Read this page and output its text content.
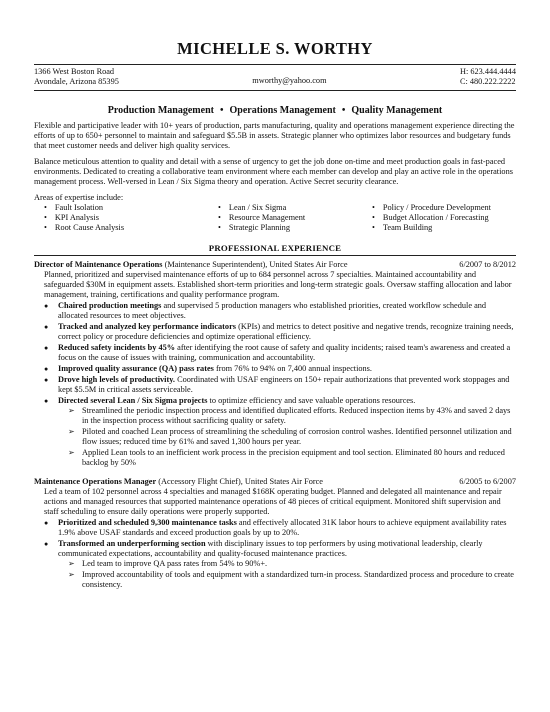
MICHELLE S. WORTHY
1366 West Boston Road
Avondale, Arizona 85395	mworthy@yahoo.com
H: 623.444.4444
C: 480.222.2222
Production Management • Operations Management • Quality Management

Flexible and participative leader with 10+ years of production, parts manufacturing, quality and operations management experience directing the efforts of up to 650+ personnel to maintain and safeguard $5.5B in assets. Strategic planner who optimizes labor resources and budgetary funds that meet customer needs and deliver high quality services.

Balance meticulous attention to quality and detail with a sense of urgency to get the job done on-time and meet production goals in fast-paced environments. Dedicated to creating a collaborative team environment where each member can develop and play an active role in the operations management process. Well-versed in Lean / Six Sigma theory and operation. Active Secret security clearance.

Areas of expertise include:
• Fault Isolation	• Lean / Six Sigma	• Policy / Procedure Development
• KPI Analysis	• Resource Management	• Budget Allocation / Forecasting
• Root Cause Analysis	• Strategic Planning	• Team Building
PROFESSIONAL EXPERIENCE
Director of Maintenance Operations (Maintenance Superintendent), United States Air Force	6/2007 to 8/2012
Planned, prioritized and supervised maintenance efforts of up to 684 personnel across 7 specialties. Maintained accountability and safeguarded $30M in equipment assets. Established short-term priorities and long-term strategic goals. Oversaw staffing allocation and labor management, training, certifications and quality performance program.
● Chaired production meetings and supervised 5 production managers who established priorities, created workflow schedule and allocated resources to meet objectives.
● Tracked and analyzed key performance indicators (KPIs) and metrics to detect positive and negative trends, recognize training needs, correct policy or procedure deficiencies and optimize operational efficiency.
● Reduced safety incidents by 45% after identifying the root cause of safety and quality incidents; raised team's awareness and created a focus on the cause of issues with training, communication and accountability.
● Improved quality assurance (QA) pass rates from 76% to 94% on 7,400 annual inspections.
● Drove high levels of productivity. Coordinated with USAF engineers on 150+ repair authorizations that prevented work stoppages and kept $5.5M in critical assets serviceable.
● Directed several Lean / Six Sigma projects to optimize efficiency and save valuable operations resources.
➢ Streamlined the periodic inspection process and identified duplicated efforts. Reduced inspection items by 43% and saved 2 days in the inspection process without sacrificing quality or safety.
➢ Piloted and coached Lean process of streamlining the scheduling of corrosion control washes. Identified personnel utilization and flow issues; reduced time by 61% and saved 1,300 hours per year.
➢ Applied Lean tools to an inefficient work process in the precision equipment and tool section. Eliminated 80 hours and reduced backlog by 50%
Maintenance Operations Manager (Accessory Flight Chief), United States Air Force	6/2005 to 6/2007
Led a team of 102 personnel across 4 specialties and managed $168K operating budget. Planned and delegated all maintenance and repair actions and managed resources that supported maintenance operations of 48 pieces of critical equipment. Monitored shift supervision and staff scheduling to ensure daily operations were properly supported.
● Prioritized and scheduled 9,300 maintenance tasks and effectively allocated 31K labor hours to achieve equipment availability rates 1.9% above USAF standards and exceed production goals by up to 20%.
● Transformed an underperforming section with disciplinary issues to top performers by using motivational leadership, clearly communicated expectations, accountability and quality-focused maintenance practices.
➢ Led team to improve QA pass rates from 54% to 90%+.
➢ Improved accountability of tools and equipment with a standardized turn-in process. Standardized process and procedure to create consistency.
